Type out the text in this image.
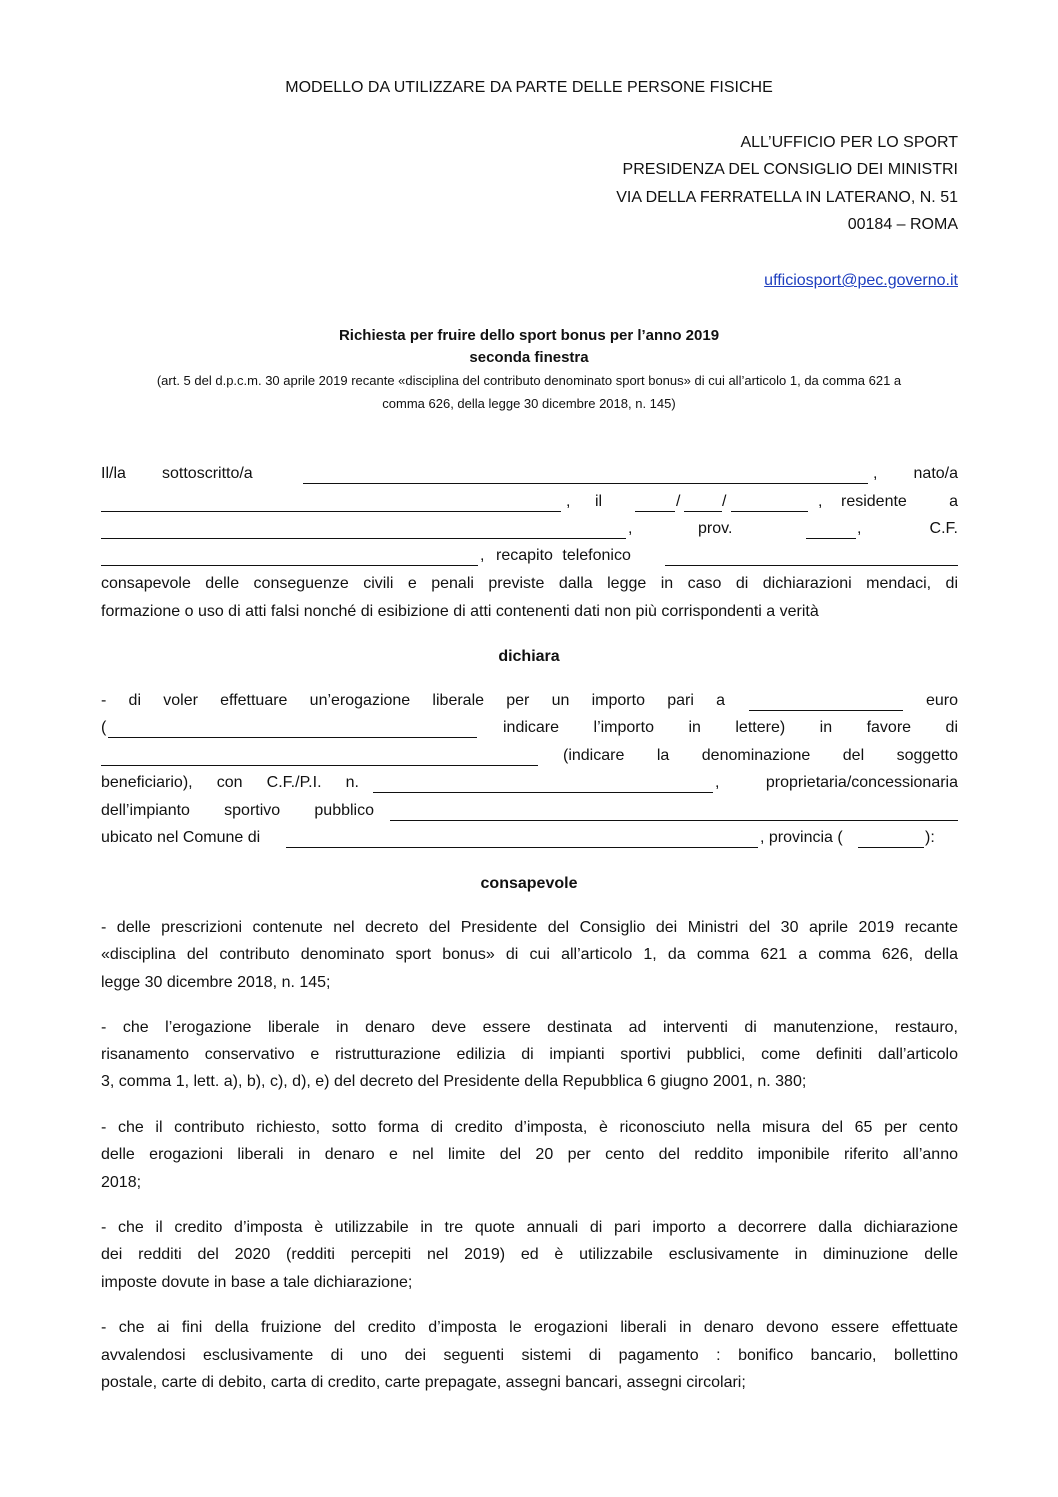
MODELLO DA UTILIZZARE DA PARTE DELLE PERSONE FISICHE
ALL’UFFICIO PER LO SPORT
PRESIDENZA DEL CONSIGLIO DEI MINISTRI
VIA DELLA FERRATELLA IN LATERANO, N. 51
00184 – ROMA
ufficiosport@pec.governo.it
Richiesta per fruire dello sport bonus per l’anno 2019
seconda finestra
(art. 5 del d.p.c.m. 30 aprile 2019 recante «disciplina del contributo denominato sport bonus» di cui all’articolo 1, da comma 621 a
comma 626, della legge 30 dicembre 2018, n. 145)
Il/la sottoscritto/a	, nato/a
, il	/	/	, residente	a
,	prov.	,	C.F.
, recapito telefonico
consapevole delle conseguenze civili e penali previste dalla legge in caso di dichiarazioni mendaci, di
formazione o uso di atti falsi nonché di esibizione di atti contenenti dati non più corrispondenti a verità
dichiara
- di voler effettuare un’erogazione liberale per un importo pari a	euro
(	indicare l’importo in lettere) in favore di
(indicare la denominazione del soggetto
beneficiario), con C.F./P.I. n.	, proprietaria/concessionaria
dell’impianto sportivo pubblico
ubicato nel Comune di	, provincia (	):
consapevole
- delle prescrizioni contenute nel decreto del Presidente del Consiglio dei Ministri del 30 aprile 2019 recante
«disciplina del contributo denominato sport bonus» di cui all’articolo 1, da comma 621 a comma 626, della
legge 30 dicembre 2018, n. 145;
- che l’erogazione liberale in denaro deve essere destinata ad interventi di manutenzione, restauro,
risanamento conservativo e ristrutturazione edilizia di impianti sportivi pubblici, come definiti dall’articolo
3, comma 1, lett. a), b), c), d), e) del decreto del Presidente della Repubblica 6 giugno 2001, n. 380;
- che il contributo richiesto, sotto forma di credito d’imposta, è riconosciuto nella misura del 65 per cento
delle erogazioni liberali in denaro e nel limite del 20 per cento del reddito imponibile riferito all’anno
2018;
- che il credito d’imposta è utilizzabile in tre quote annuali di pari importo a decorrere dalla dichiarazione
dei redditi del 2020 (redditi percepiti nel 2019) ed è utilizzabile esclusivamente in diminuzione delle
imposte dovute in base a tale dichiarazione;
- che ai fini della fruizione del credito d’imposta le erogazioni liberali in denaro devono essere effettuate
avvalendosi esclusivamente di uno dei seguenti sistemi di pagamento : bonifico bancario, bollettino
postale, carte di debito, carta di credito, carte prepagate, assegni bancari, assegni circolari;
